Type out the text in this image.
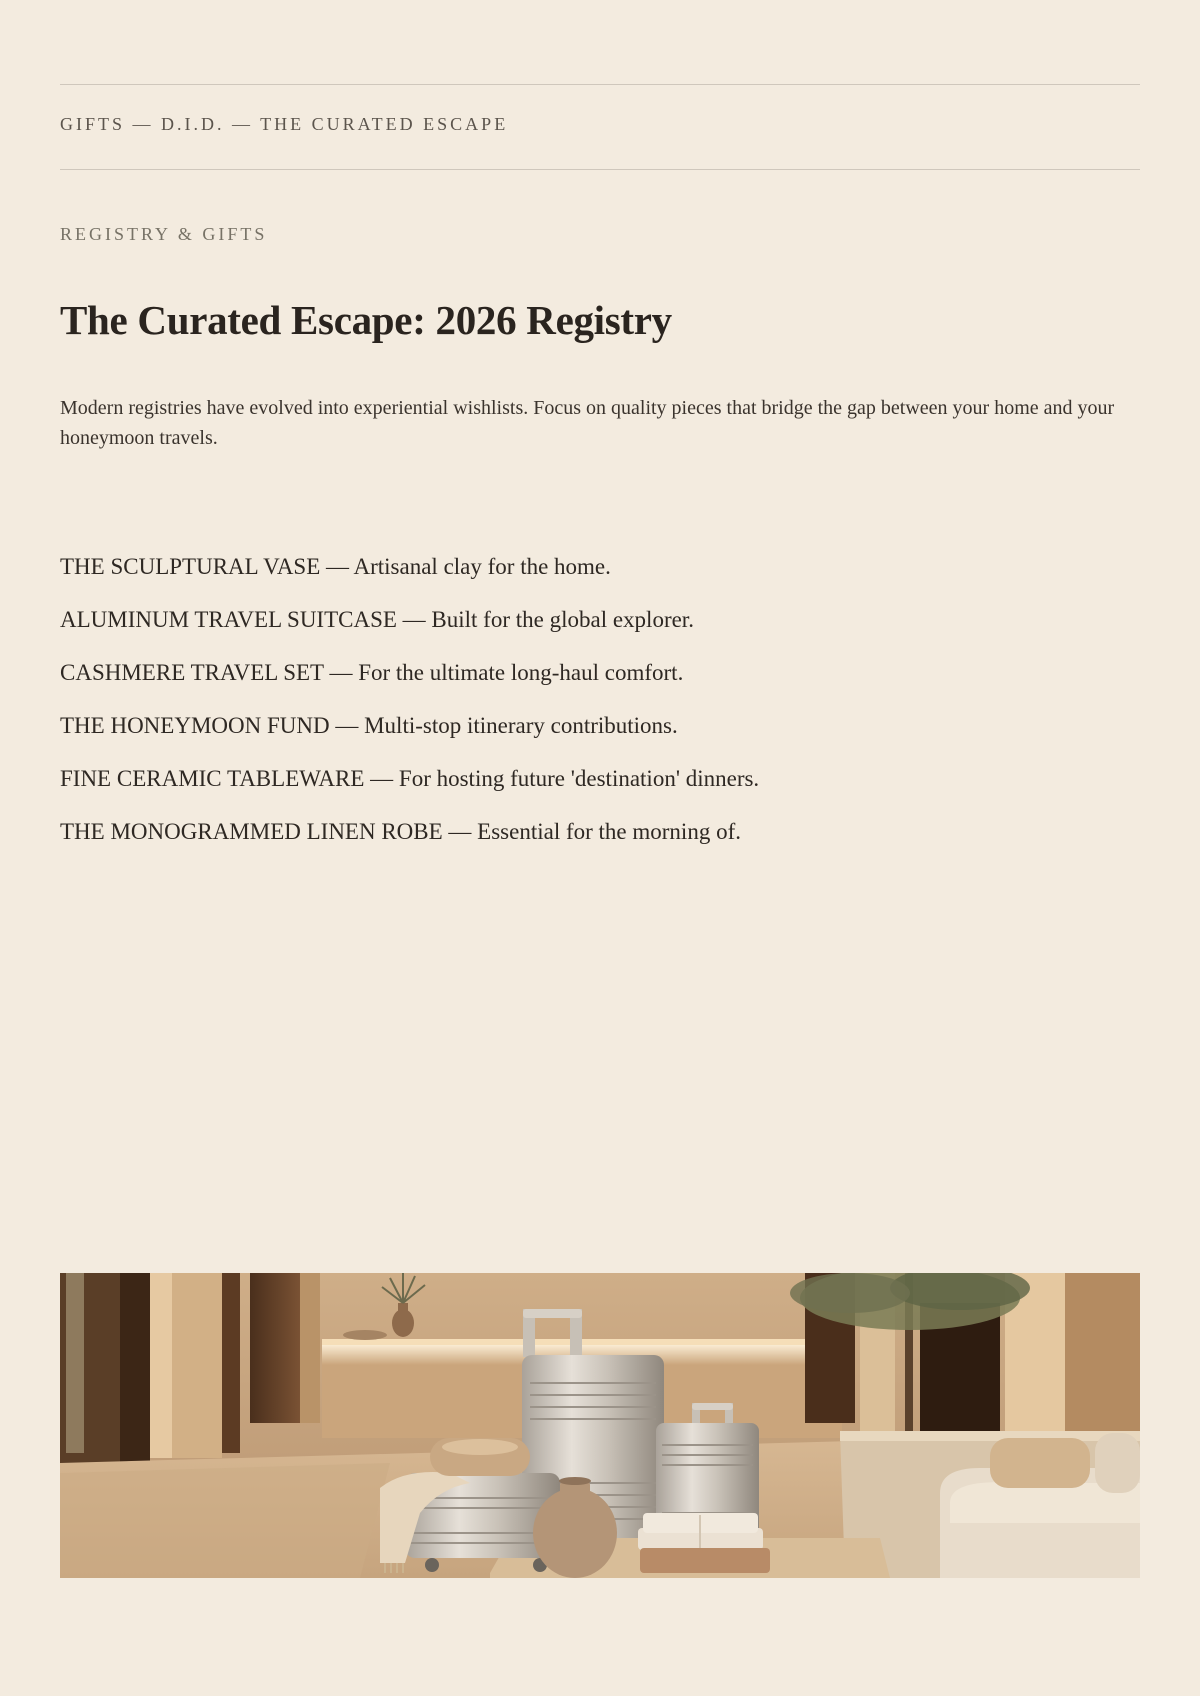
GIFTS — D.I.D. — THE CURATED ESCAPE
REGISTRY & GIFTS
The Curated Escape: 2026 Registry

Modern registries have evolved into experiential wishlists. Focus on quality pieces that bridge the gap between your home and your honeymoon travels.

THE SCULPTURAL VASE — Artisanal clay for the home.
ALUMINUM TRAVEL SUITCASE — Built for the global explorer.
CASHMERE TRAVEL SET — For the ultimate long-haul comfort.
THE HONEYMOON FUND — Multi-stop itinerary contributions.
FINE CERAMIC TABLEWARE — For hosting future 'destination' dinners.
THE MONOGRAMMED LINEN ROBE — Essential for the morning of.
